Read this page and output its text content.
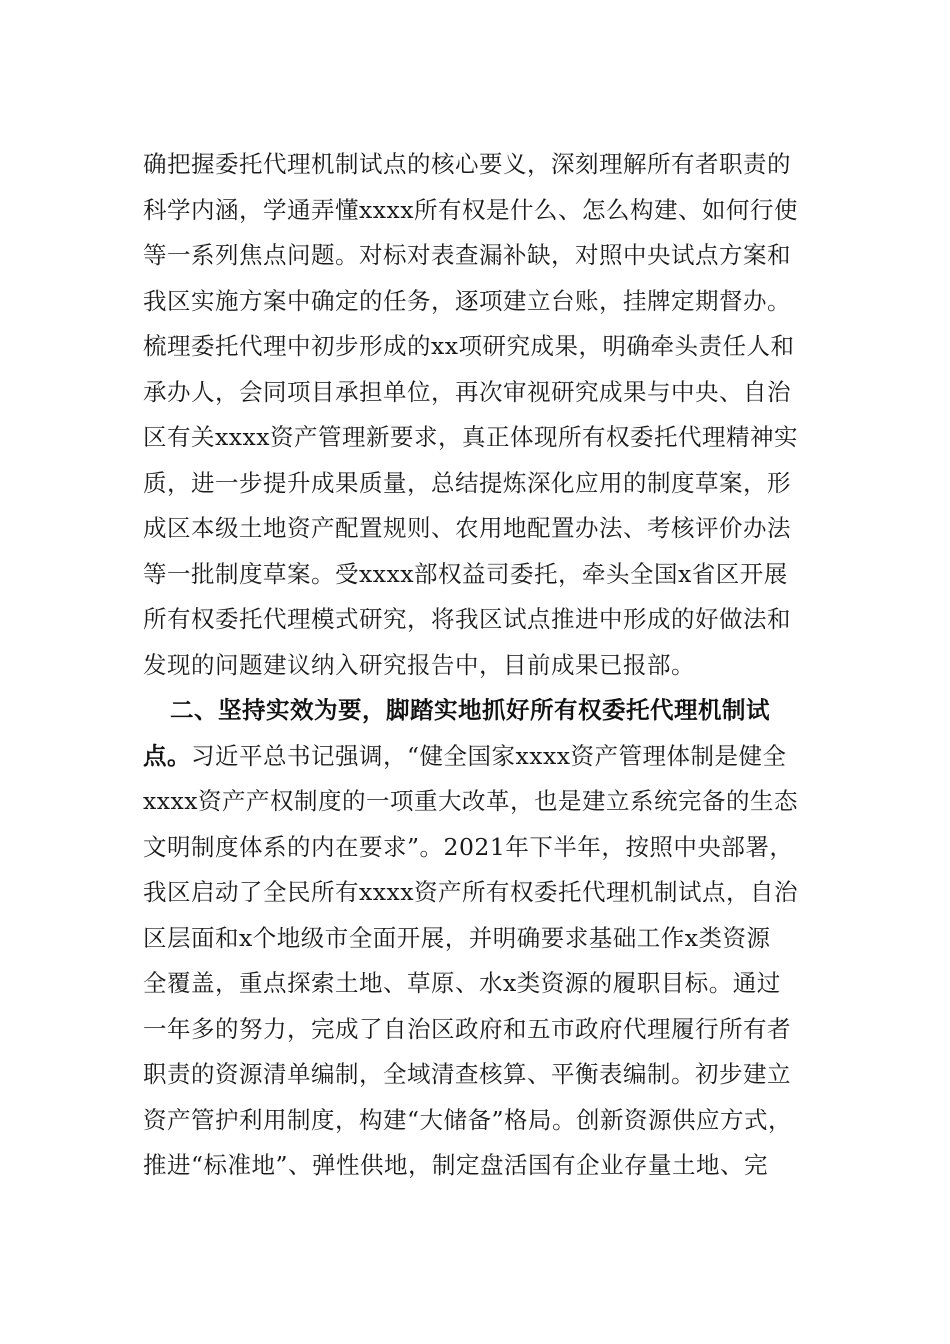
确把握委托代理机制试点的核心要义，深刻理解所有者职责的
科学内涵，学通弄懂xxxx所有权是什么、怎么构建、如何行使
等一系列焦点问题。对标对表查漏补缺，对照中央试点方案和
我区实施方案中确定的任务，逐项建立台账，挂牌定期督办。
梳理委托代理中初步形成的xx项研究成果，明确牵头责任人和
承办人，会同项目承担单位，再次审视研究成果与中央、自治
区有关xxxx资产管理新要求，真正体现所有权委托代理精神实
质，进一步提升成果质量，总结提炼深化应用的制度草案，形
成区本级土地资产配置规则、农用地配置办法、考核评价办法
等一批制度草案。受xxxx部权益司委托，牵头全国x省区开展
所有权委托代理模式研究，将我区试点推进中形成的好做法和
发现的问题建议纳入研究报告中，目前成果已报部。
二、坚持实效为要，脚踏实地抓好所有权委托代理机制试
点。习近平总书记强调，“健全国家xxxx资产管理体制是健全
xxxx资产产权制度的一项重大改革，也是建立系统完备的生态
文明制度体系的内在要求”。2021年下半年，按照中央部署，
我区启动了全民所有xxxx资产所有权委托代理机制试点，自治
区层面和x个地级市全面开展，并明确要求基础工作x类资源
全覆盖，重点探索土地、草原、水x类资源的履职目标。通过
一年多的努力，完成了自治区政府和五市政府代理履行所有者
职责的资源清单编制，全域清查核算、平衡表编制。初步建立
资产管护利用制度，构建“大储备”格局。创新资源供应方式，
推进“标准地”、弹性供地，制定盘活国有企业存量土地、完
